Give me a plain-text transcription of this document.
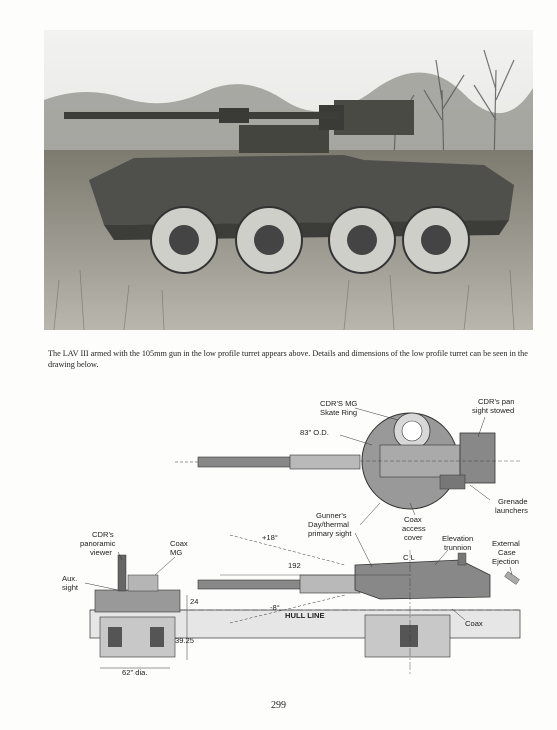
The LAV III armed with the 105mm gun in the low profile turret appears above. Details and dimensions of the low profile turret can be seen in the drawing below.
CDR'S MG
Skate Ring
CDR's pan
sight stowed
83" O.D.
Grenade
launchers
Gunner's
Day/thermal
primary sight
Coax
access
cover	Elevation
trunnion	External
Case
Ejection
CDR's
panoramic
viewer
Coax
MG
Aux.
sight
+18°
192
C L
24
-8°
HULL LINE
Coax
39.25
62" dia.
299
